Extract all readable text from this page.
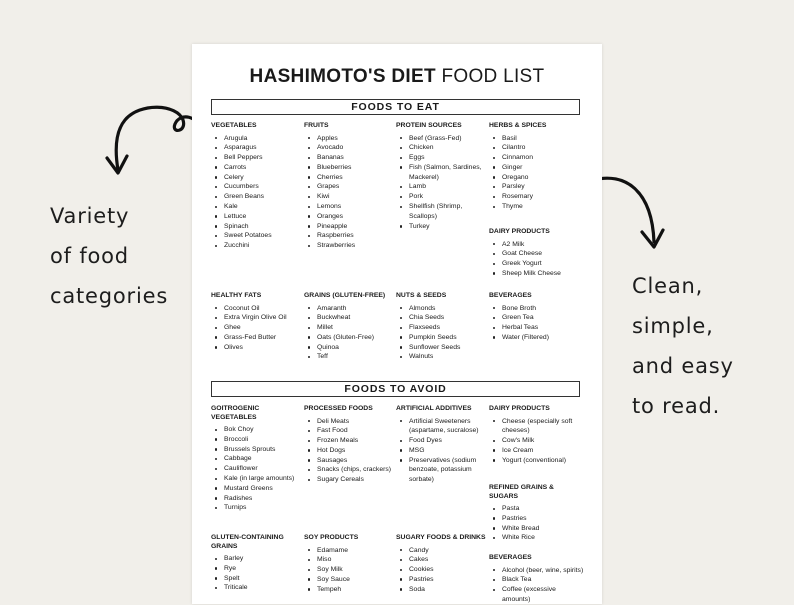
Variety
of food
categories	Clean,
simple,
and easy
to read.
HASHIMOTO'S DIET FOOD LIST
FOODS TO EAT
VEGETABLES
Arugula
Asparagus
Bell Peppers
Carrots
Celery
Cucumbers
Green Beans
Kale
Lettuce
Spinach
Sweet Potatoes
Zucchini
FRUITS
Apples
Avocado
Bananas
Blueberries
Cherries
Grapes
Kiwi
Lemons
Oranges
Pineapple
Raspberries
Strawberries
PROTEIN SOURCES
Beef (Grass-Fed)
Chicken
Eggs
Fish (Salmon, Sardines, Mackerel)
Lamb
Pork
Shellfish (Shrimp, Scallops)
Turkey
HERBS & SPICES
Basil
Cilantro
Cinnamon
Ginger
Oregano
Parsley
Rosemary
Thyme
DAIRY PRODUCTS
A2 Milk
Goat Cheese
Greek Yogurt
Sheep Milk Cheese
HEALTHY FATS
Coconut Oil
Extra Virgin Olive Oil
Ghee
Grass-Fed Butter
Olives
GRAINS (GLUTEN-FREE)
Amaranth
Buckwheat
Millet
Oats (Gluten-Free)
Quinoa
Teff
NUTS & SEEDS
Almonds
Chia Seeds
Flaxseeds
Pumpkin Seeds
Sunflower Seeds
Walnuts
BEVERAGES
Bone Broth
Green Tea
Herbal Teas
Water (Filtered)
FOODS TO AVOID
GOITROGENIC VEGETABLES
Bok Choy
Broccoli
Brussels Sprouts
Cabbage
Cauliflower
Kale (in large amounts)
Mustard Greens
Radishes
Turnips
PROCESSED FOODS
Deli Meats
Fast Food
Frozen Meals
Hot Dogs
Sausages
Snacks (chips, crackers)
Sugary Cereals
ARTIFICIAL ADDITIVES
Artificial Sweeteners (aspartame, sucralose)
Food Dyes
MSG
Preservatives (sodium benzoate, potassium sorbate)
DAIRY PRODUCTS
Cheese (especially soft cheeses)
Cow's Milk
Ice Cream
Yogurt (conventional)
REFINED GRAINS & SUGARS
Pasta
Pastries
White Bread
White Rice
GLUTEN-CONTAINING GRAINS
Barley
Rye
Spelt
Triticale
SOY PRODUCTS
Edamame
Miso
Soy Milk
Soy Sauce
Tempeh
SUGARY FOODS & DRINKS
Candy
Cakes
Cookies
Pastries
Soda
BEVERAGES
Alcohol (beer, wine, spirits)
Black Tea
Coffee (excessive amounts)
